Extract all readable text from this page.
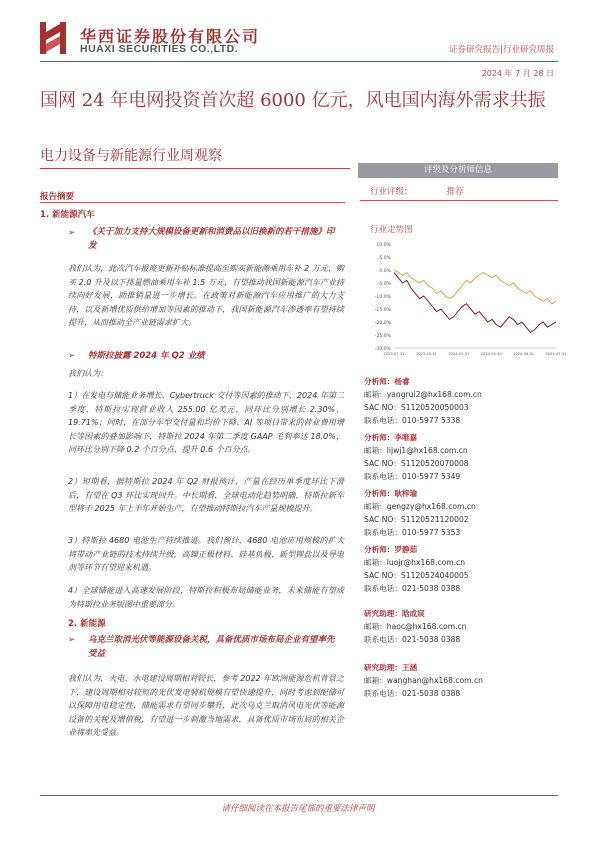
华西证券股份有限公司
HUAXI SECURITIES CO.,LTD.	证券研究报告|行业研究周报
2024 年 7 月 28 日
国网 24 年电网投资首次超 6000 亿元，风电国内海外需求共振
电力设备与新能源行业周观察
评级及分析师信息
行业评级：	推荐
行业走势图
10.0%
5.0%
0.0%
-5.0%
-10.0%
-15.0%
-20.0%
-25.0%
-30.0%
2023-07-31	2023-10-31	2024-01-31	2024-04-30	2024-06-31	2024-07-31
报告摘要
1. 新能源汽车
➢ 《关于加力支持大规模设备更新和消费品以旧换新的若干措施》印发
我们认为，此次汽车报废更新补贴标准提高至购买新能源乘用车补 2 万元、购买 2.0 升及以下排量燃油乘用车补 1.5 万元，有望推动我国新能源汽车产业持续向好发展，助推销量进一步增长。在政策对新能源汽车应用推广的大力支持，以及新增优质供给增加等因素的推动下，我国新能源汽车渗透率有望持续提升，从而推动全产业链需求扩大。
➢ 特斯拉披露 2024 年 Q2 业绩
我们认为：
1）在发电与储能业务增长、Cybertruck 交付等因素的推动下，2024 年第二季度，特斯拉实现营业收入 255.00 亿美元，同环比分别增长 2.30%、19.71%；同时，在部分车型交付量和均价下降、AI 等项目带来的营业费用增长等因素的叠加影响下，特斯拉 2024 年第二季度 GAAP 毛利率达 18.0%，同环比分别下降 0.2 个百分点、提升 0.6 个百分点。
2）短期看，据特斯拉 2024 年 Q2 财报预计，产量在经历单季度环比下滑后，有望在 Q3 环比实现回升。中长期看，全球电动化趋势明确，特斯拉新车型将于 2025 年上半年开始生产，有望推动特斯拉汽车产量规模提升。
3）特斯拉 4680 电池生产持续推进。我们预计，4680 电池应用规模的扩大将带动产业链的技术持续升级，高镍正极材料、硅基负极、新型锂盐以及导电剂等环节有望迎来机遇。
4）全球储能进入高速发展阶段，特斯拉积极布局储能业务，未来储能有望成为特斯拉业务版图中重要部分。
2. 新能源
➢ 乌克兰取消光伏等能源设备关税，具备优质市场布局企业有望率先受益
我们认为，火电、水电建设周期相对较长，参考 2022 年欧洲能源危机背景之下，建设周期相对较短的光伏发电装机规模有望快速提升，同时考虑到配储可以保障用电稳定性，储能需求有望同步攀升，此次乌克兰取消风电光伏等能源设备的关税及增值税，有望进一步刺激当地需求，具备优质市场布局的相关企业将率先受益。
分析师：杨睿
邮箱：yangrui2@hx168.com.cn
SAC NO：S1120520050003
联系电话：010-5977 5338
分析师：李唯嘉
邮箱：lijwj1@hx168.com.cn
SAC NO：S1120520070008
联系电话：010-5977 5349
分析师：耿梓瑜
邮箱：gengzy@hx168.com.cn
SAC NO：S1120521120002
联系电话：010-5977 5353
分析师：罗静茹
邮箱：luojr@hx168.com.cn
SAC NO：S1120524040005
联系电话：021-5038 0388
研究助理：晗成宸
邮箱：haoc@hx168.com.cn
联系电话：021-5038 0388
研究助理：王涵
邮箱：wanghan@hx168.com.cn
联系电话：021-5038 0388
请仔细阅读在本报告尾部的重要法律声明
